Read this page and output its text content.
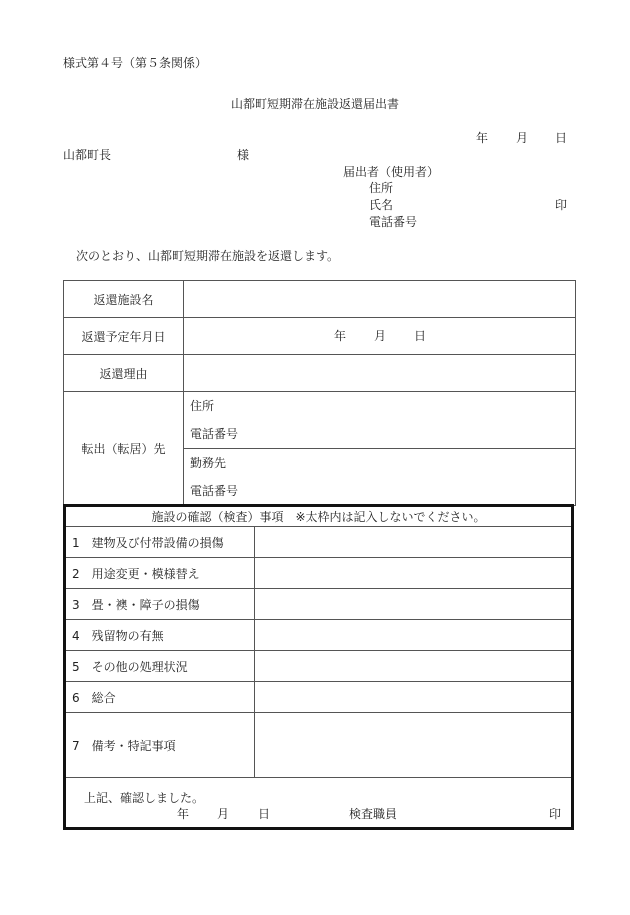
様式第４号（第５条関係）
山都町短期滞在施設返還届出書
年 月 日
山都町長	様
届出者（使用者）
住所
氏名	印
電話番号
次のとおり、山都町短期滞在施設を返還します。
返還施設名	
返還予定年月日	年 月 日

返還理由	
転出（転居）先	住所
電話番号

	勤務先
電話番号
施設の確認（検査）事項　※太枠内は記入しないでください。	
1　 建物及び付帯設備の損傷	
2　 用途変更・模様替え	
3　 畳・襖・障子の損傷	
4　 残留物の有無	
5　 その他の処理状況	
6　 総合	
7　 備考・特記事項	
上記、確認しました。
年 月 日	検査職員	印
